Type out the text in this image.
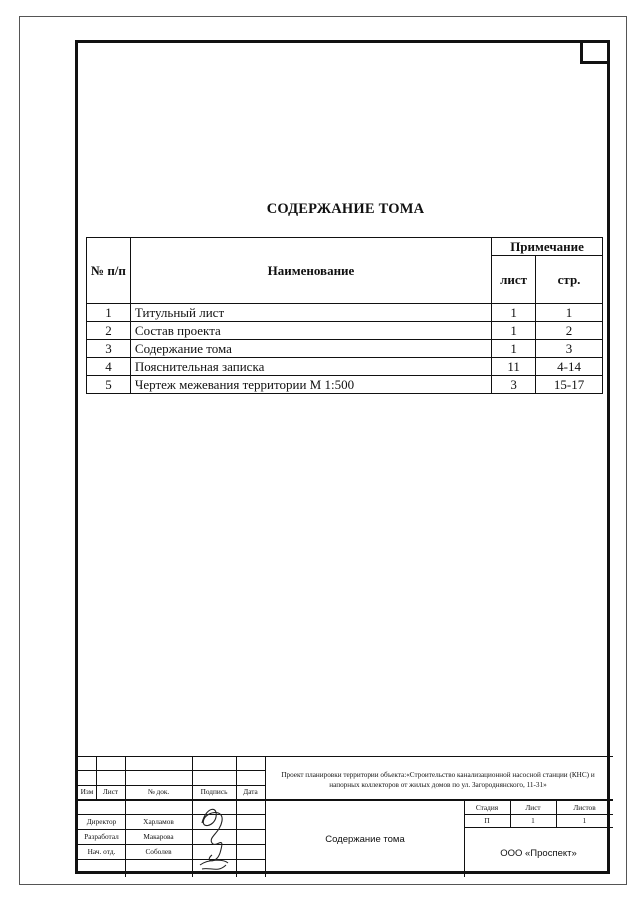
СОДЕРЖАНИЕ ТОМА
№ п/п	Наименование	Примечание	
		лист	стр.
1	Титульный лист	1	1
2	Состав проекта	1	2
3	Содержание тома	1	3
4	Пояснительная записка	11	4-14
5	Чертеж межевания территории М 1:500	3	15-17
Изм	Лист	№ док.	Подпись	Дата
Проект планировки территории объекта:«Строительство канализационной насосной станции (КНС) и напорных коллекторов от жилых домов по ул. Загороднянского, 11-31»
Директор	Харламов
Разработал	Макарова
Нач. отд.	Соболев
Содержание тома
Стадия	Лист	Листов
П	1	1
ООО «Проспект»
